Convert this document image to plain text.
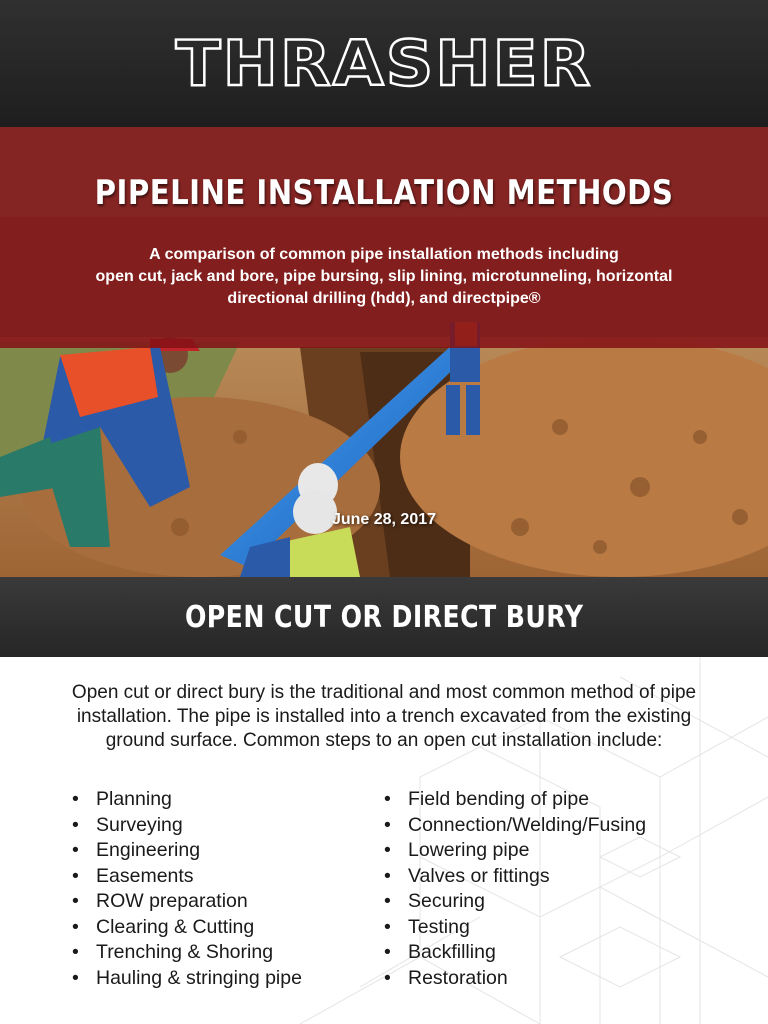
THRASHER
PIPELINE INSTALLATION METHODS
A comparison of common pipe installation methods including
open cut, jack and bore, pipe bursing, slip lining, microtunneling, horizontal
directional drilling (hdd), and directpipe®
June 28, 2017
OPEN CUT OR DIRECT BURY
Open cut or direct bury is the traditional and most common method of pipe
installation. The pipe is installed into a trench excavated from the existing
ground surface. Common steps to an open cut installation include:
• Planning
• Surveying
• Engineering
• Easements
• ROW preparation
• Clearing & Cutting
• Trenching & Shoring
• Hauling & stringing pipe
• Field bending of pipe
• Connection/Welding/Fusing
• Lowering pipe
• Valves or fittings
• Securing
• Testing
• Backfilling
• Restoration
